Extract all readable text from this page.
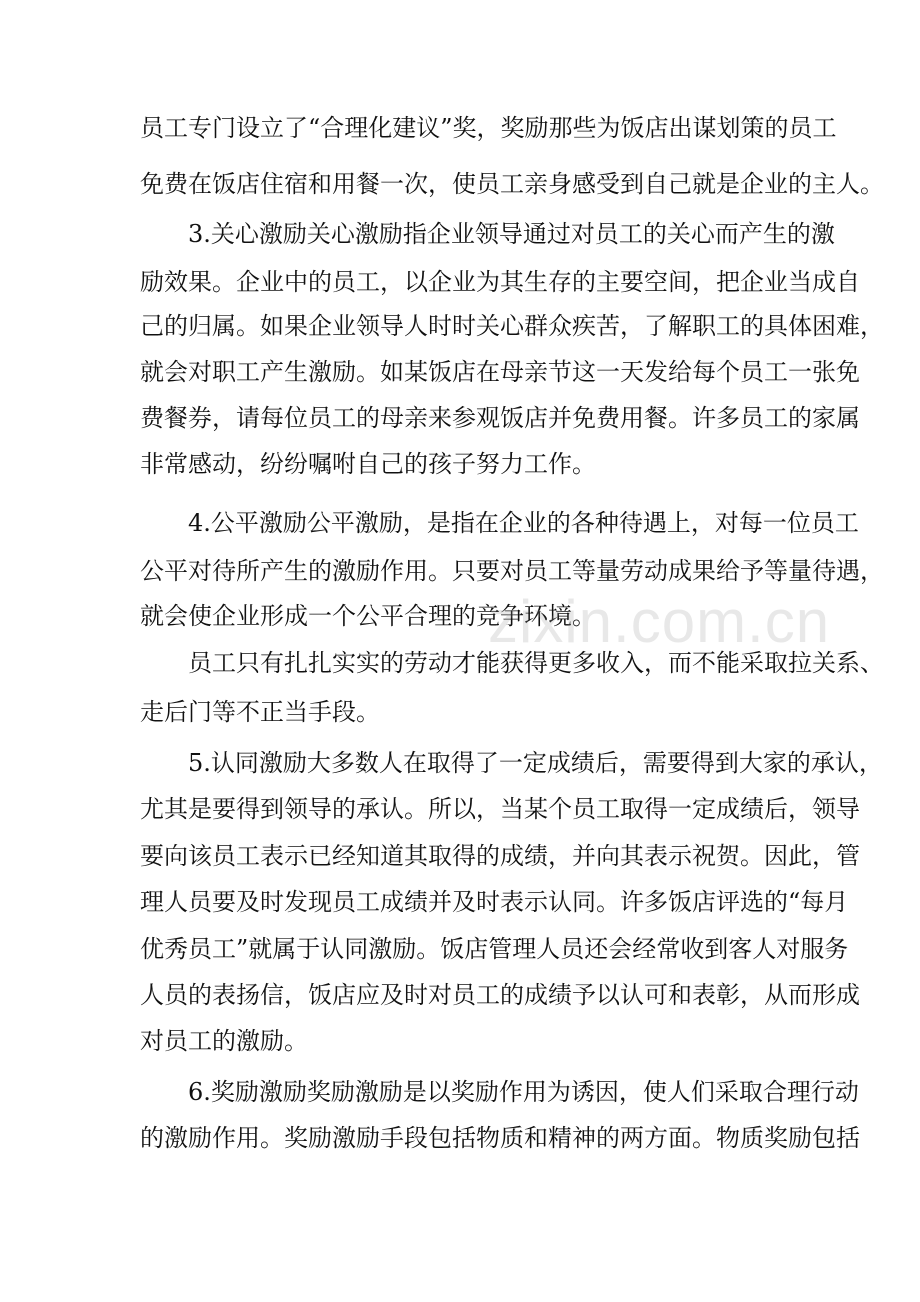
员工专门设立了“合理化建议”奖，奖励那些为饭店出谋划策的员工
免费在饭店住宿和用餐一次，使员工亲身感受到自己就是企业的主人。
3.关心激励关心激励指企业领导通过对员工的关心而产生的激
励效果。企业中的员工，以企业为其生存的主要空间，把企业当成自
己的归属。如果企业领导人时时关心群众疾苦，了解职工的具体困难，
就会对职工产生激励。如某饭店在母亲节这一天发给每个员工一张免
费餐券，请每位员工的母亲来参观饭店并免费用餐。许多员工的家属
非常感动，纷纷嘱咐自己的孩子努力工作。
4.公平激励公平激励，是指在企业的各种待遇上，对每一位员工
公平对待所产生的激励作用。只要对员工等量劳动成果给予等量待遇，
就会使企业形成一个公平合理的竞争环境。
员工只有扎扎实实的劳动才能获得更多收入，而不能采取拉关系、
走后门等不正当手段。
5.认同激励大多数人在取得了一定成绩后，需要得到大家的承认，
尤其是要得到领导的承认。所以，当某个员工取得一定成绩后，领导
要向该员工表示已经知道其取得的成绩，并向其表示祝贺。因此，管
理人员要及时发现员工成绩并及时表示认同。许多饭店评选的“每月
优秀员工”就属于认同激励。饭店管理人员还会经常收到客人对服务
人员的表扬信，饭店应及时对员工的成绩予以认可和表彰，从而形成
对员工的激励。
6.奖励激励奖励激励是以奖励作用为诱因，使人们采取合理行动
的激励作用。奖励激励手段包括物质和精神的两方面。物质奖励包括
zixin.com.cn
